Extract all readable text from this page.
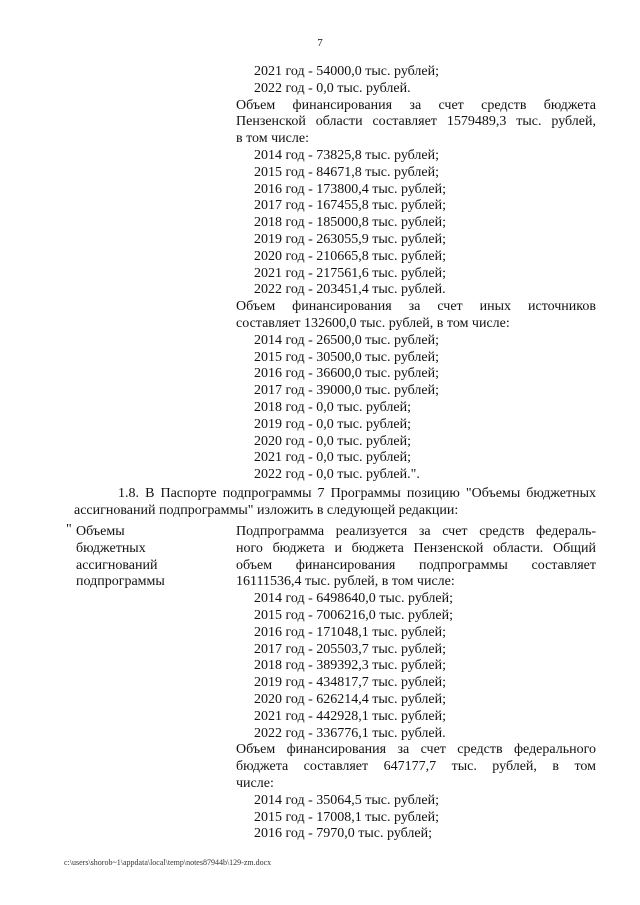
7
2021 год - 54000,0 тыс. рублей;
2022 год - 0,0 тыс. рублей.
Объем финансирования за счет средств бюджета
Пензенской области составляет 1579489,3 тыс. рублей,
в том числе:
2014 год - 73825,8 тыс. рублей;
2015 год - 84671,8 тыс. рублей;
2016 год - 173800,4 тыс. рублей;
2017 год - 167455,8 тыс. рублей;
2018 год - 185000,8 тыс. рублей;
2019 год - 263055,9 тыс. рублей;
2020 год - 210665,8 тыс. рублей;
2021 год - 217561,6 тыс. рублей;
2022 год - 203451,4 тыс. рублей.
Объем финансирования за счет иных источников
составляет 132600,0 тыс. рублей, в том числе:
2014 год - 26500,0 тыс. рублей;
2015 год - 30500,0 тыс. рублей;
2016 год - 36600,0 тыс. рублей;
2017 год - 39000,0 тыс. рублей;
2018 год - 0,0 тыс. рублей;
2019 год - 0,0 тыс. рублей;
2020 год - 0,0 тыс. рублей;
2021 год - 0,0 тыс. рублей;
2022 год - 0,0 тыс. рублей.".
1.8. В Паспорте подпрограммы 7 Программы позицию "Объемы бюджетных
ассигнований подпрограммы" изложить в следующей редакции:
" Объемы
бюджетных
ассигнований
подпрограммы
Подпрограмма реализуется за счет средств федераль-
ного бюджета и бюджета Пензенской области. Общий
объем финансирования подпрограммы составляет
16111536,4 тыс. рублей, в том числе:
2014 год - 6498640,0 тыс. рублей;
2015 год - 7006216,0 тыс. рублей;
2016 год - 171048,1 тыс. рублей;
2017 год - 205503,7 тыс. рублей;
2018 год - 389392,3 тыс. рублей;
2019 год - 434817,7 тыс. рублей;
2020 год - 626214,4 тыс. рублей;
2021 год - 442928,1 тыс. рублей;
2022 год - 336776,1 тыс. рублей.
Объем финансирования за счет средств федерального
бюджета составляет 647177,7 тыс. рублей, в том
числе:
2014 год - 35064,5 тыс. рублей;
2015 год - 17008,1 тыс. рублей;
2016 год - 7970,0 тыс. рублей;
c:\users\shorob~1\appdata\local\temp\notes87944b\129-zm.docx
